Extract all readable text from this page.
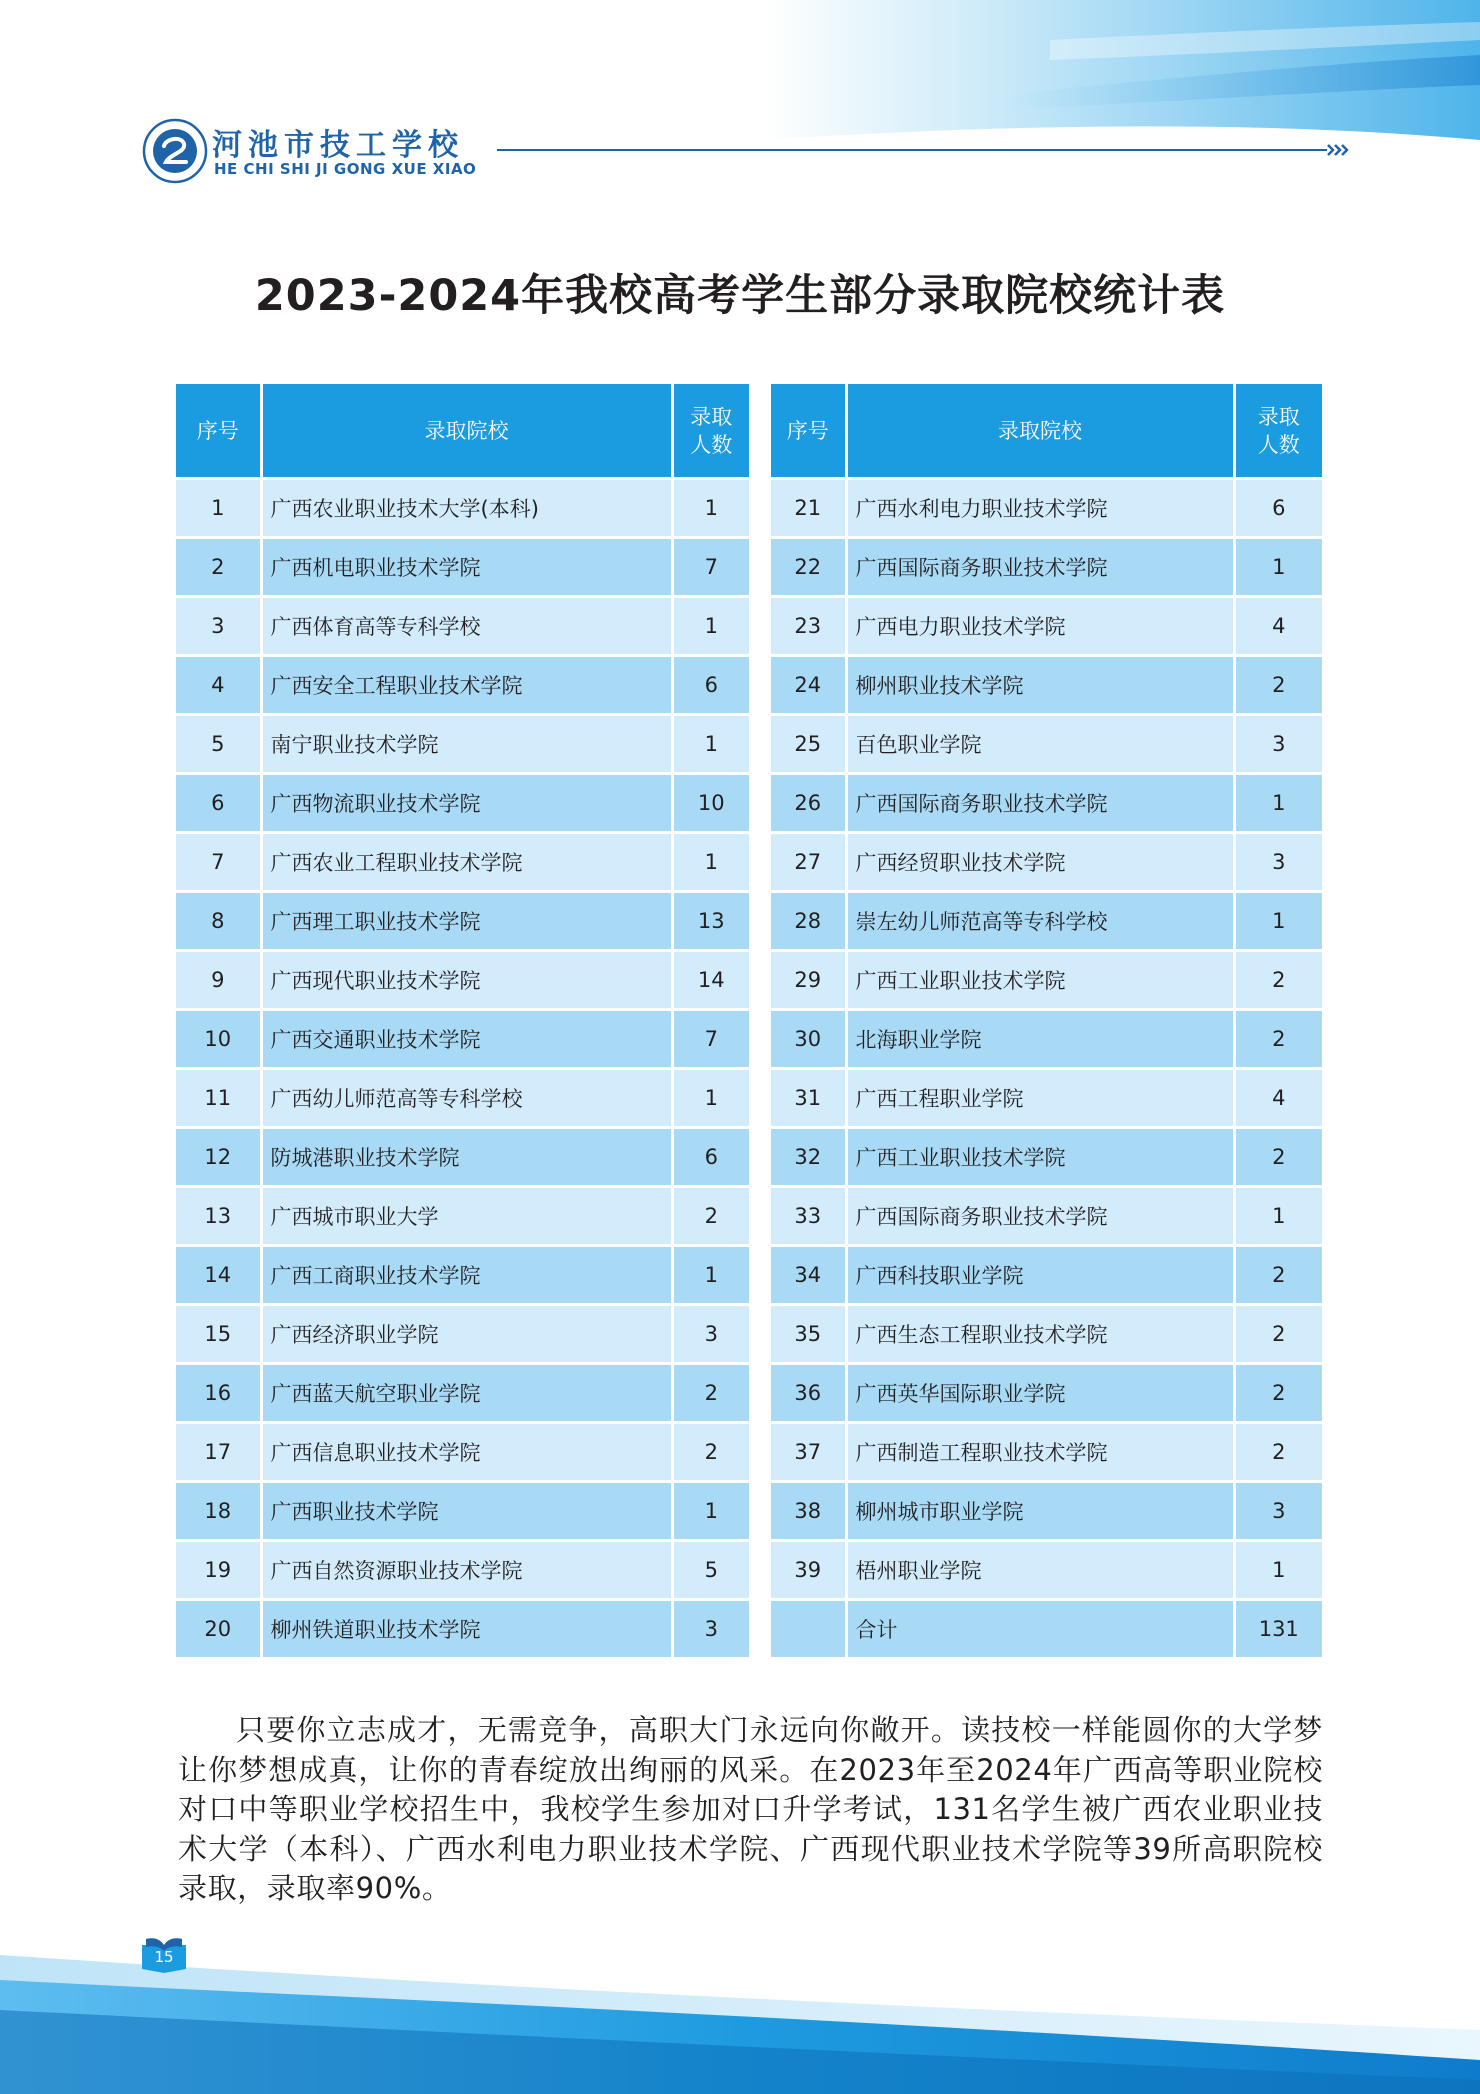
河池市技工学校
HE CHI SHI JI GONG XUE XIAO
2023-2024年我校高考学生部分录取院校统计表
序号	录取院校	录取
人数
1	广西农业职业技术大学(本科)	1
2	广西机电职业技术学院	7
3	广西体育高等专科学校	1
4	广西安全工程职业技术学院	6
5	南宁职业技术学院	1
6	广西物流职业技术学院	10
7	广西农业工程职业技术学院	1
8	广西理工职业技术学院	13
9	广西现代职业技术学院	14
10	广西交通职业技术学院	7
11	广西幼儿师范高等专科学校	1
12	防城港职业技术学院	6
13	广西城市职业大学	2
14	广西工商职业技术学院	1
15	广西经济职业学院	3
16	广西蓝天航空职业学院	2
17	广西信息职业技术学院	2
18	广西职业技术学院	1
19	广西自然资源职业技术学院	5
20	柳州铁道职业技术学院	3
序号	录取院校	录取
人数
21	广西水利电力职业技术学院	6
22	广西国际商务职业技术学院	1
23	广西电力职业技术学院	4
24	柳州职业技术学院	2
25	百色职业学院	3
26	广西国际商务职业技术学院	1
27	广西经贸职业技术学院	3
28	崇左幼儿师范高等专科学校	1
29	广西工业职业技术学院	2
30	北海职业学院	2
31	广西工程职业学院	4
32	广西工业职业技术学院	2
33	广西国际商务职业技术学院	1
34	广西科技职业学院	2
35	广西生态工程职业技术学院	2
36	广西英华国际职业学院	2
37	广西制造工程职业技术学院	2
38	柳州城市职业学院	3
39	梧州职业学院	1
	合计	131

只要你立志成才，无需竞争，高职大门永远向你敞开。读技校一样能圆你的大学梦让你梦想成真，让你的青春绽放出绚丽的风采。在2023年至2024年广西高等职业院校对口中等职业学校招生中，我校学生参加对口升学考试，131名学生被广西农业职业技术大学（本科）、广西水利电力职业技术学院、广西现代职业技术学院等39所高职院校录取，录取率90%。

15
